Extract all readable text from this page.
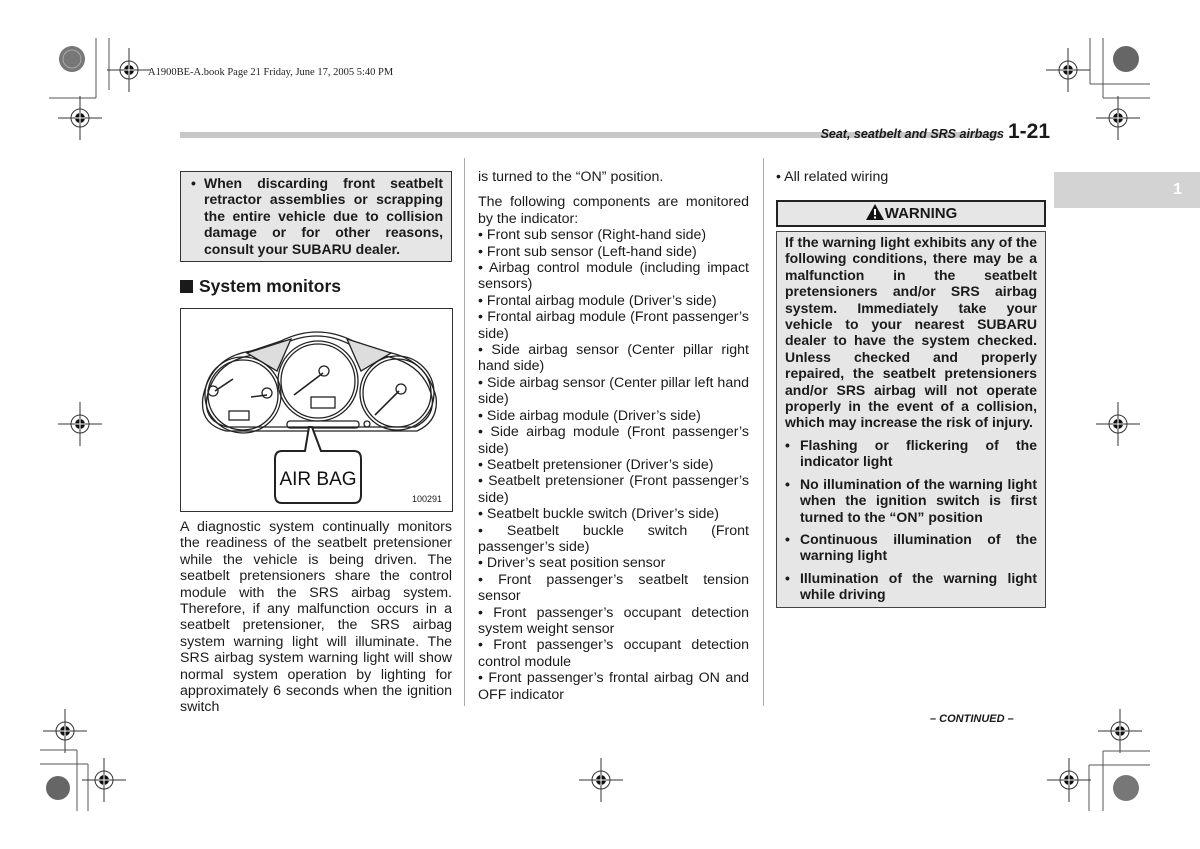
A1900BE-A.book Page 21 Friday, June 17, 2005 5:40 PM
Seat, seatbelt and SRS airbags 1-21
1
• When discarding front seatbelt retractor assemblies or scrapping the entire vehicle due to collision damage or for other reasons, consult your SUBARU dealer.
System monitors
AIR BAG
100291
A diagnostic system continually monitors the readiness of the seatbelt pretensioner while the vehicle is being driven. The seatbelt pretensioners share the control module with the SRS airbag system. Therefore, if any malfunction occurs in a seatbelt pretensioner, the SRS airbag system warning light will illuminate. The SRS airbag system warning light will show normal system operation by lighting for approximately 6 seconds when the ignition switch

is turned to the “ON” position.

The following components are monitored by the indicator:
• Front sub sensor (Right-hand side)
• Front sub sensor (Left-hand side)
• Airbag control module (including impact sensors)
• Frontal airbag module (Driver’s side)
• Frontal airbag module (Front passenger’s side)
• Side airbag sensor (Center pillar right hand side)
• Side airbag sensor (Center pillar left hand side)
• Side airbag module (Driver’s side)
• Side airbag module (Front passenger’s side)
• Seatbelt pretensioner (Driver’s side)
• Seatbelt pretensioner (Front passenger’s side)
• Seatbelt buckle switch (Driver’s side)
• Seatbelt buckle switch (Front passenger’s side)
• Driver’s seat position sensor
• Front passenger’s seatbelt tension sensor
• Front passenger’s occupant detection system weight sensor
• Front passenger’s occupant detection control module
• Front passenger’s frontal airbag ON and OFF indicator
• All related wiring
WARNING
If the warning light exhibits any of the following conditions, there may be a malfunction in the seatbelt pretensioners and/or SRS airbag system. Immediately take your vehicle to your nearest SUBARU dealer to have the system checked. Unless checked and properly repaired, the seatbelt pretensioners and/or SRS airbag will not operate properly in the event of a collision, which may increase the risk of injury.
• Flashing or flickering of the indicator light
• No illumination of the warning light when the ignition switch is first turned to the “ON” position
• Continuous illumination of the warning light
• Illumination of the warning light while driving
– CONTINUED –
